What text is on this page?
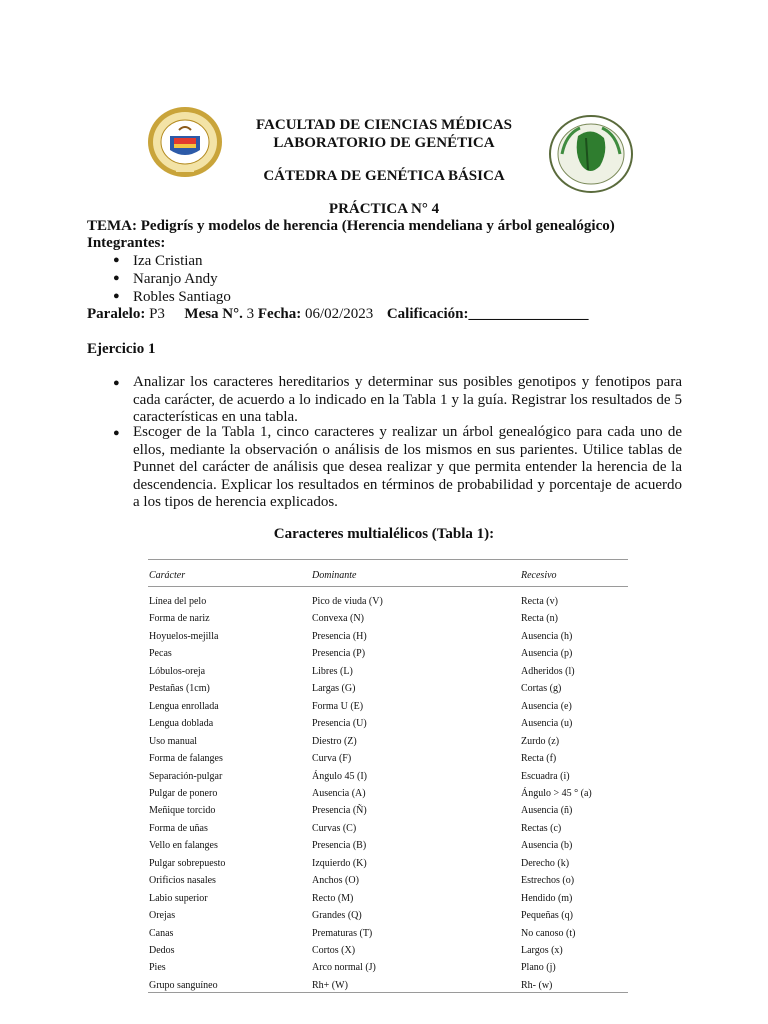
FACULTAD DE CIENCIAS MÉDICAS
LABORATORIO DE GENÉTICA
CÁTEDRA DE GENÉTICA BÁSICA
PRÁCTICA N° 4
TEMA: Pedigrís y modelos de herencia (Herencia mendeliana y árbol genealógico)
Integrantes:
● Iza Cristian
● Naranjo Andy
● Robles Santiago
Paralelo: P3 Mesa N°. 3 Fecha: 06/02/2023 Calificación:________________
Ejercicio 1
● Analizar los caracteres hereditarios y determinar sus posibles genotipos y fenotipos para cada carácter, de acuerdo a lo indicado en la Tabla 1 y la guía. Registrar los resultados de 5 características en una tabla.
● Escoger de la Tabla 1, cinco caracteres y realizar un árbol genealógico para cada uno de ellos, mediante la observación o análisis de los mismos en sus parientes. Utilice tablas de Punnet del carácter de análisis que desea realizar y que permita entender la herencia de la descendencia. Explicar los resultados en términos de probabilidad y porcentaje de acuerdo a los tipos de herencia explicados.
Caracteres multialélicos (Tabla 1):
Carácter	Dominante	Recesivo
Línea del pelo	Pico de viuda (V)	Recta (v)
Forma de nariz	Convexa (N)	Recta (n)
Hoyuelos-mejilla	Presencia (H)	Ausencia (h)
Pecas	Presencia (P)	Ausencia (p)
Lóbulos-oreja	Libres (L)	Adheridos (l)
Pestañas (1cm)	Largas (G)	Cortas (g)
Lengua enrollada	Forma U (E)	Ausencia (e)
Lengua doblada	Presencia (U)	Ausencia (u)
Uso manual	Diestro (Z)	Zurdo (z)
Forma de falanges	Curva (F)	Recta (f)
Separación-pulgar	Ángulo 45 (I)	Escuadra (i)
Pulgar de ponero	Ausencia (A)	Ángulo > 45 ° (a)
Meñique torcido	Presencia (Ñ)	Ausencia (ñ)
Forma de uñas	Curvas (C)	Rectas (c)
Vello en falanges	Presencia (B)	Ausencia (b)
Pulgar sobrepuesto	Izquierdo (K)	Derecho (k)
Orificios nasales	Anchos (O)	Estrechos (o)
Labio superior	Recto (M)	Hendido (m)
Orejas	Grandes (Q)	Pequeñas (q)
Canas	Prematuras (T)	No canoso (t)
Dedos	Cortos (X)	Largos (x)
Pies	Arco normal (J)	Plano (j)
Grupo sanguíneo	Rh+ (W)	Rh- (w)
